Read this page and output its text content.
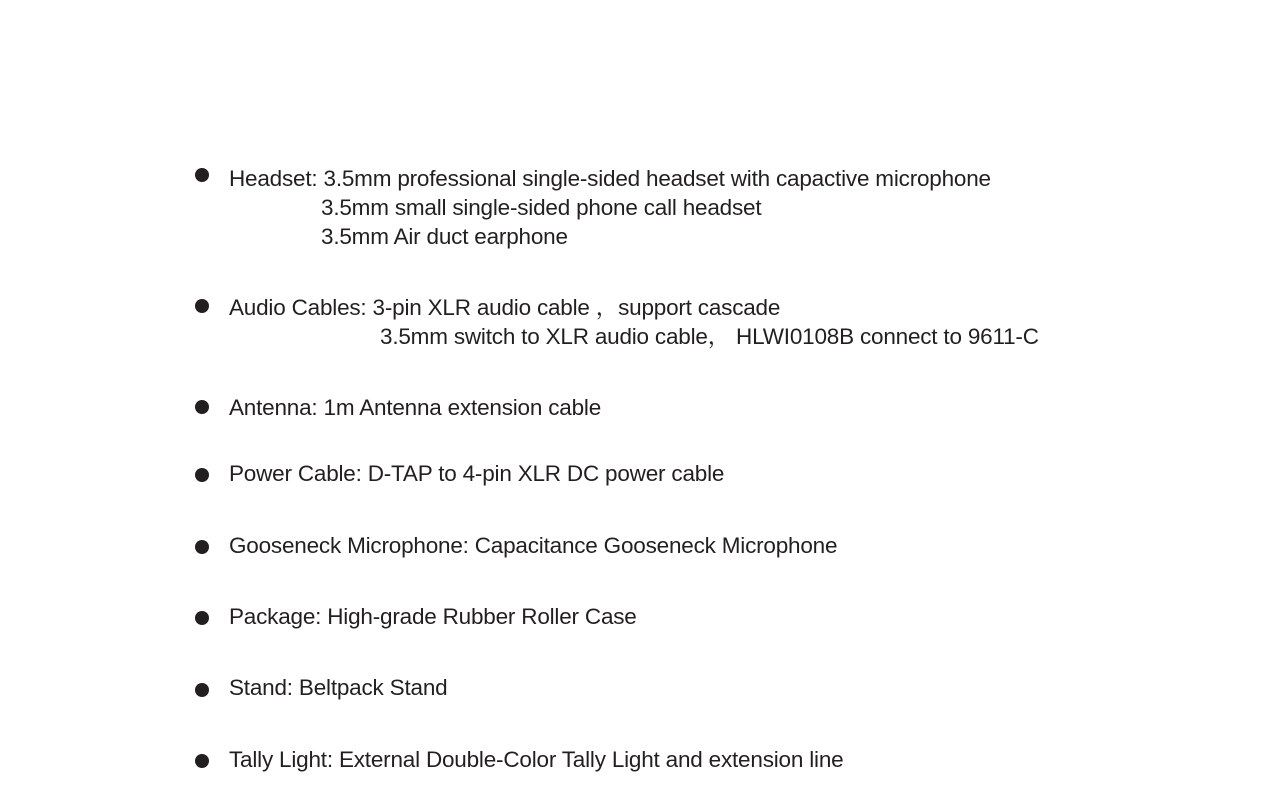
Headset: 3.5mm professional single-sided headset with capactive microphone
3.5mm small single-sided phone call headset
3.5mm Air duct earphone
Audio Cables: 3-pin XLR audio cable ，support cascade
3.5mm switch to XLR audio cable， HLWI0108B connect to 9611-C
Antenna: 1m Antenna extension cable
Power Cable: D-TAP to 4-pin XLR DC power cable
Gooseneck Microphone: Capacitance Gooseneck Microphone
Package: High-grade Rubber Roller Case
Stand: Beltpack Stand
Tally Light: External Double-Color Tally Light and extension line
